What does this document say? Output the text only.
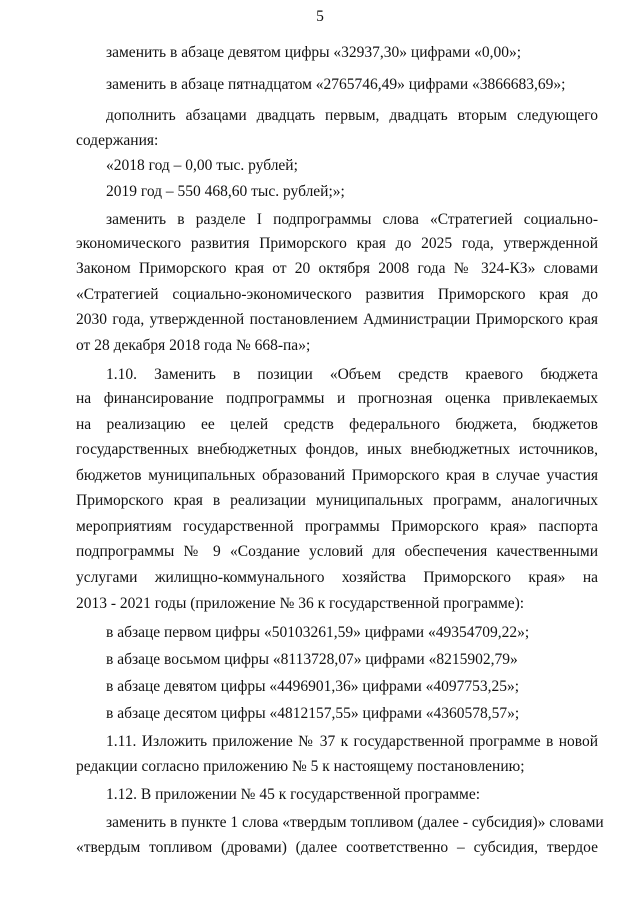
5
заменить в абзаце девятом цифры «32937,30» цифрами «0,00»;
заменить в абзаце пятнадцатом «2765746,49» цифрами «3866683,69»;
дополнить абзацами двадцать первым, двадцать вторым следующего
содержания:
«2018 год – 0,00 тыс. рублей;
2019 год – 550 468,60 тыс. рублей;»;
заменить в разделе I подпрограммы слова «Стратегией социально-
экономического развития Приморского края до 2025 года, утвержденной
Законом Приморского края от 20 октября 2008 года № 324-КЗ» словами
«Стратегией социально-экономического развития Приморского края до
2030 года, утвержденной постановлением Администрации Приморского края
от 28 декабря 2018 года № 668-па»;
1.10. Заменить в позиции «Объем средств краевого бюджета
на финансирование подпрограммы и прогнозная оценка привлекаемых
на реализацию ее целей средств федерального бюджета, бюджетов
государственных внебюджетных фондов, иных внебюджетных источников,
бюджетов муниципальных образований Приморского края в случае участия
Приморского края в реализации муниципальных программ, аналогичных
мероприятиям государственной программы Приморского края» паспорта
подпрограммы № 9 «Создание условий для обеспечения качественными
услугами жилищно-коммунального хозяйства Приморского края» на
2013 - 2021 годы (приложение № 36 к государственной программе):
в абзаце первом цифры «50103261,59» цифрами «49354709,22»;
в абзаце восьмом цифры «8113728,07» цифрами «8215902,79»
в абзаце девятом цифры «4496901,36» цифрами «4097753,25»;
в абзаце десятом цифры «4812157,55» цифрами «4360578,57»;
1.11. Изложить приложение № 37 к государственной программе в новой
редакции согласно приложению № 5 к настоящему постановлению;
1.12. В приложении № 45 к государственной программе:
заменить в пункте 1 слова «твердым топливом (далее - субсидия)» словами
«твердым топливом (дровами) (далее соответственно – субсидия, твердое
